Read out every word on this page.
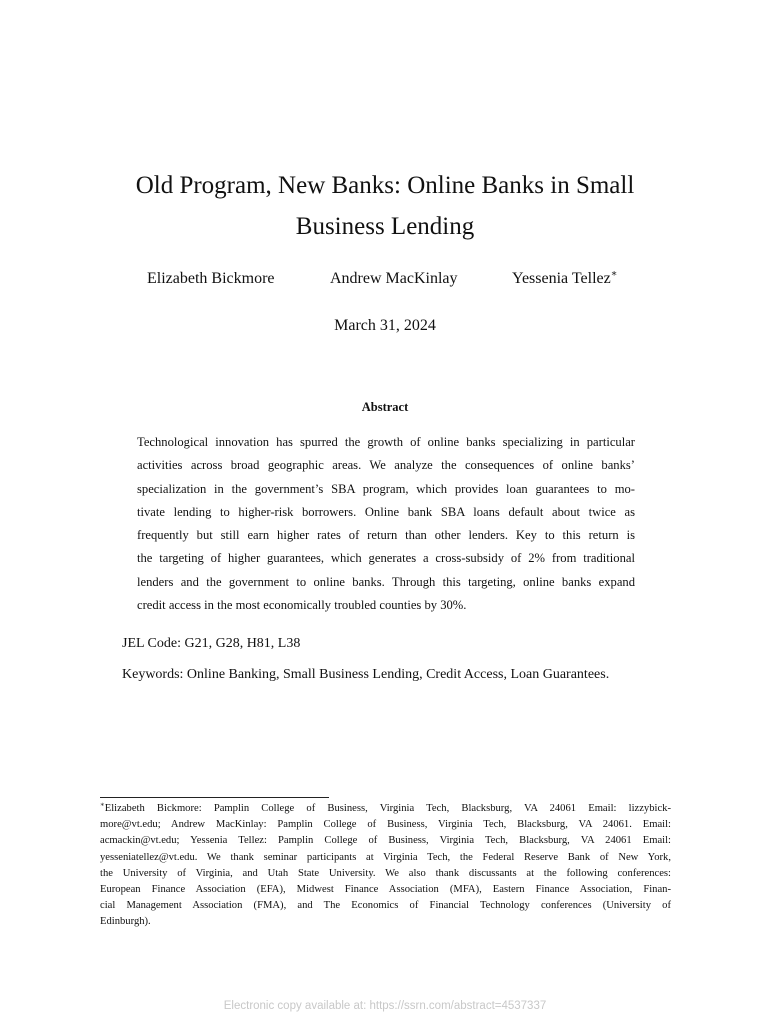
Old Program, New Banks: Online Banks in Small
Business Lending
Elizabeth Bickmore	Andrew MacKinlay	Yessenia Tellez∗
March 31, 2024
Abstract
Technological innovation has spurred the growth of online banks specializing in particular
activities across broad geographic areas. We analyze the consequences of online banks’
specialization in the government’s SBA program, which provides loan guarantees to mo-
tivate lending to higher-risk borrowers. Online bank SBA loans default about twice as
frequently but still earn higher rates of return than other lenders. Key to this return is
the targeting of higher guarantees, which generates a cross-subsidy of 2% from traditional
lenders and the government to online banks. Through this targeting, online banks expand
credit access in the most economically troubled counties by 30%.
JEL Code: G21, G28, H81, L38
Keywords: Online Banking, Small Business Lending, Credit Access, Loan Guarantees.
∗Elizabeth Bickmore: Pamplin College of Business, Virginia Tech, Blacksburg, VA 24061 Email: lizzybick-
more@vt.edu; Andrew MacKinlay: Pamplin College of Business, Virginia Tech, Blacksburg, VA 24061. Email:
acmackin@vt.edu; Yessenia Tellez: Pamplin College of Business, Virginia Tech, Blacksburg, VA 24061 Email:
yesseniatellez@vt.edu. We thank seminar participants at Virginia Tech, the Federal Reserve Bank of New York,
the University of Virginia, and Utah State University. We also thank discussants at the following conferences:
European Finance Association (EFA), Midwest Finance Association (MFA), Eastern Finance Association, Finan-
cial Management Association (FMA), and The Economics of Financial Technology conferences (University of
Edinburgh).
Electronic copy available at: https://ssrn.com/abstract=4537337
